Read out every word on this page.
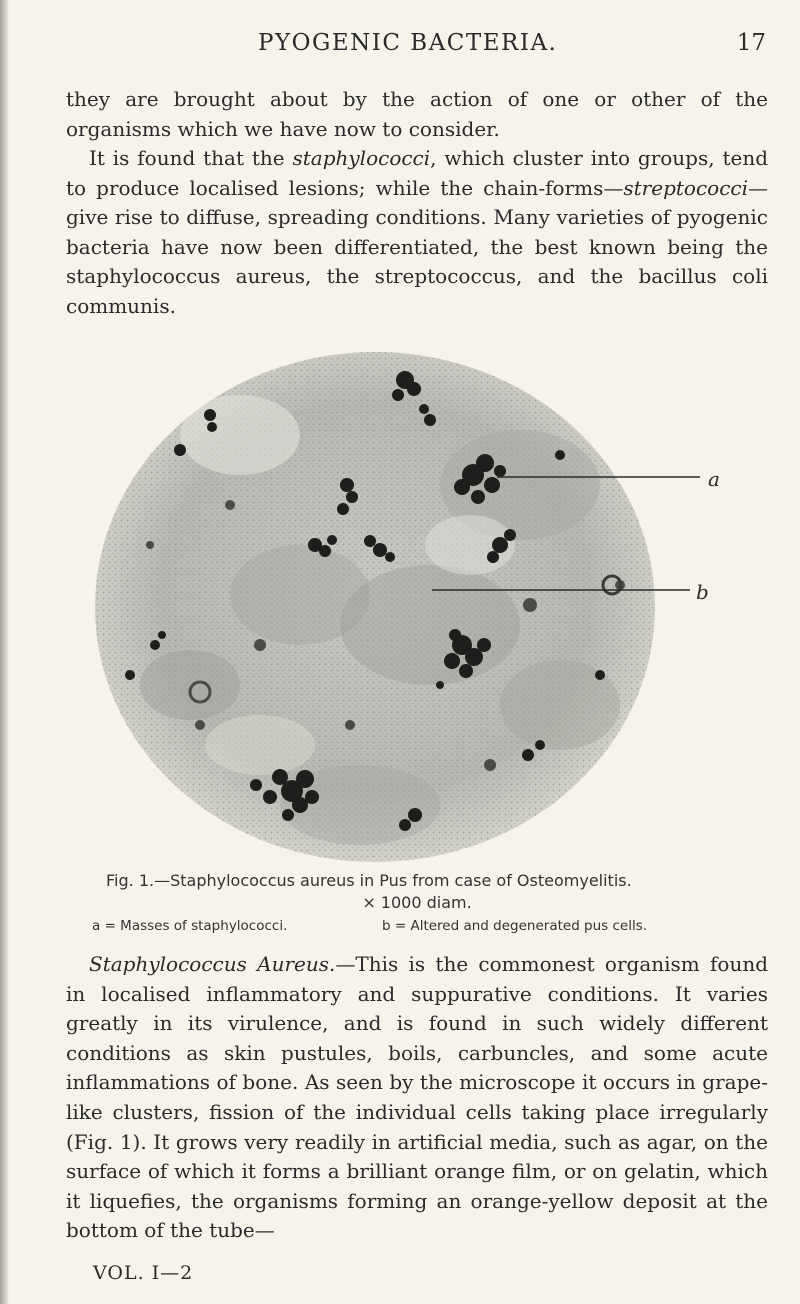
PYOGENIC BACTERIA.	17

they are brought about by the action of one or other of the organisms which we have now to consider.

It is found that the staphylococci, which cluster into groups, tend to produce localised lesions; while the chain-forms—streptococci—give rise to diffuse, spreading conditions. Many varieties of pyogenic bacteria have now been differentiated, the best known being the staphylococcus aureus, the streptococcus, and the bacillus coli communis.

a
b
Fig. 1.—Staphylococcus aureus in Pus from case of Osteomyelitis.
× 1000 diam.
a = Masses of staphylococci.	b = Altered and degenerated pus cells.

Staphylococcus Aureus.—This is the commonest organism found in localised inflammatory and suppurative conditions. It varies greatly in its virulence, and is found in such widely different conditions as skin pustules, boils, carbuncles, and some acute inflammations of bone. As seen by the microscope it occurs in grape-like clusters, fission of the individual cells taking place irregularly (Fig. 1). It grows very readily in artificial media, such as agar, on the surface of which it forms a brilliant orange film, or on gelatin, which it liquefies, the organisms forming an orange-yellow deposit at the bottom of the tube—

VOL. I—2
